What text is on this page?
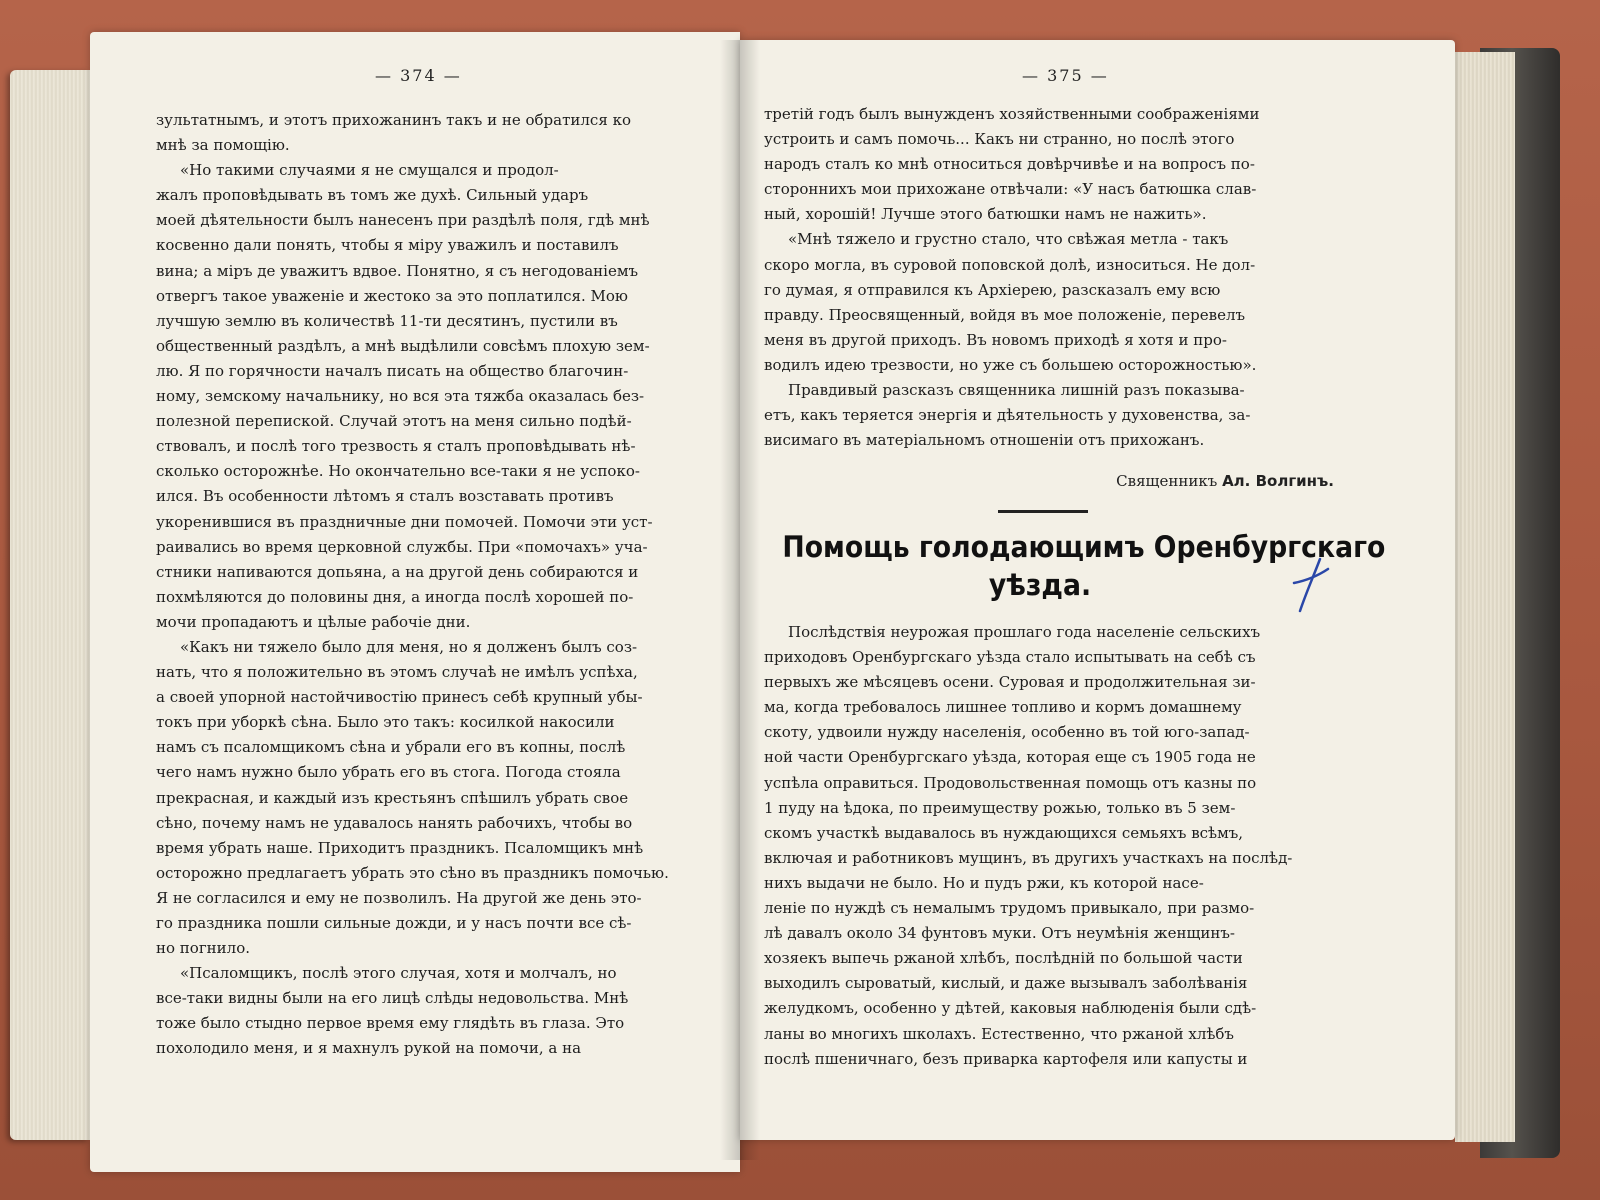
— 374 —
зультатнымъ, и этотъ прихожанинъ такъ и не обратился ко
мнѣ за помощію.
«Но такими случаями я не смущался и продол-
жалъ проповѣдывать въ томъ же духѣ. Сильный ударъ
моей дѣятельности былъ нанесенъ при раздѣлѣ поля, гдѣ мнѣ
косвенно дали понять, чтобы я міру уважилъ и поставилъ
вина; а міръ де уважитъ вдвое. Понятно, я съ негодованіемъ
отвергъ такое уваженіе и жестоко за это поплатился. Мою
лучшую землю въ количествѣ 11-ти десятинъ, пустили въ
общественный раздѣлъ, а мнѣ выдѣлили совсѣмъ плохую зем-
лю. Я по горячности началъ писать на общество благочин-
ному, земскому начальнику, но вся эта тяжба оказалась без-
полезной перепиской. Случай этотъ на меня сильно подѣй-
ствовалъ, и послѣ того трезвость я сталъ проповѣдывать нѣ-
сколько осторожнѣе. Но окончательно все-таки я не успоко-
ился. Въ особенности лѣтомъ я сталъ возставать противъ
укоренившися въ праздничные дни помочей. Помочи эти уст-
раивались во время церковной службы. При «помочахъ» уча-
стники напиваются допьяна, а на другой день собираются и
похмѣляются до половины дня, а иногда послѣ хорошей по-
мочи пропадаютъ и цѣлые рабочіе дни.
«Какъ ни тяжело было для меня, но я долженъ былъ соз-
нать, что я положительно въ этомъ случаѣ не имѣлъ успѣха,
а своей упорной настойчивостію принесъ себѣ крупный убы-
токъ при уборкѣ сѣна. Было это такъ: косилкой накосили
намъ съ псаломщикомъ сѣна и убрали его въ копны, послѣ
чего намъ нужно было убрать его въ стога. Погода стояла
прекрасная, и каждый изъ крестьянъ спѣшилъ убрать свое
сѣно, почему намъ не удавалось нанять рабочихъ, чтобы во
время убрать наше. Приходитъ праздникъ. Псаломщикъ мнѣ
осторожно предлагаетъ убрать это сѣно въ праздникъ помочью.
Я не согласился и ему не позволилъ. На другой же день это-
го праздника пошли сильные дожди, и у насъ почти все сѣ-
но погнило.
«Псаломщикъ, послѣ этого случая, хотя и молчалъ, но
все-таки видны были на его лицѣ слѣды недовольства. Мнѣ
тоже было стыдно первое время ему глядѣть въ глаза. Это
похолодило меня, и я махнулъ рукой на помочи, а на
— 375 —
третій годъ былъ вынужденъ хозяйственными соображеніями
устроить и самъ помочь... Какъ ни странно, но послѣ этого
народъ сталъ ко мнѣ относиться довѣрчивѣе и на вопросъ по-
стороннихъ мои прихожане отвѣчали: «У насъ батюшка слав-
ный, хорошій! Лучше этого батюшки намъ не нажить».
«Мнѣ тяжело и грустно стало, что свѣжая метла - такъ
скоро могла, въ суровой поповской долѣ, износиться. Не дол-
го думая, я отправился къ Архіерею, разсказалъ ему всю
правду. Преосвященный, войдя въ мое положеніе, перевелъ
меня въ другой приходъ. Въ новомъ приходѣ я хотя и про-
водилъ идею трезвости, но уже съ большею осторожностью».
Правдивый разсказъ священника лишній разъ показыва-
етъ, какъ теряется энергія и дѣятельность у духовенства, за-
висимаго въ матеріальномъ отношеніи отъ прихожанъ.
Священникъ Ал. Волгинъ.
Помощь голодающимъ Оренбургскаго
уѣзда.
Послѣдствія неурожая прошлаго года населеніе сельскихъ
приходовъ Оренбургскаго уѣзда стало испытывать на себѣ съ
первыхъ же мѣсяцевъ осени. Суровая и продолжительная зи-
ма, когда требовалось лишнее топливо и кормъ домашнему
скоту, удвоили нужду населенія, особенно въ той юго-запад-
ной части Оренбургскаго уѣзда, которая еще съ 1905 года не
успѣла оправиться. Продовольственная помощь отъ казны по
1 пуду на ѣдока, по преимуществу рожью, только въ 5 зем-
скомъ участкѣ выдавалось въ нуждающихся семьяхъ всѣмъ,
включая и работниковъ мущинъ, въ другихъ участкахъ на послѣд-
нихъ выдачи не было. Но и пудъ ржи, къ которой насе-
леніе по нуждѣ съ немалымъ трудомъ привыкало, при размо-
лѣ давалъ около 34 фунтовъ муки. Отъ неумѣнія женщинъ-
хозяекъ выпечь ржаной хлѣбъ, послѣдній по большой части
выходилъ сыроватый, кислый, и даже вызывалъ заболѣванія
желудкомъ, особенно у дѣтей, каковыя наблюденія были сдѣ-
ланы во многихъ школахъ. Естественно, что ржаной хлѣбъ
послѣ пшеничнаго, безъ приварка картофеля или капусты и
